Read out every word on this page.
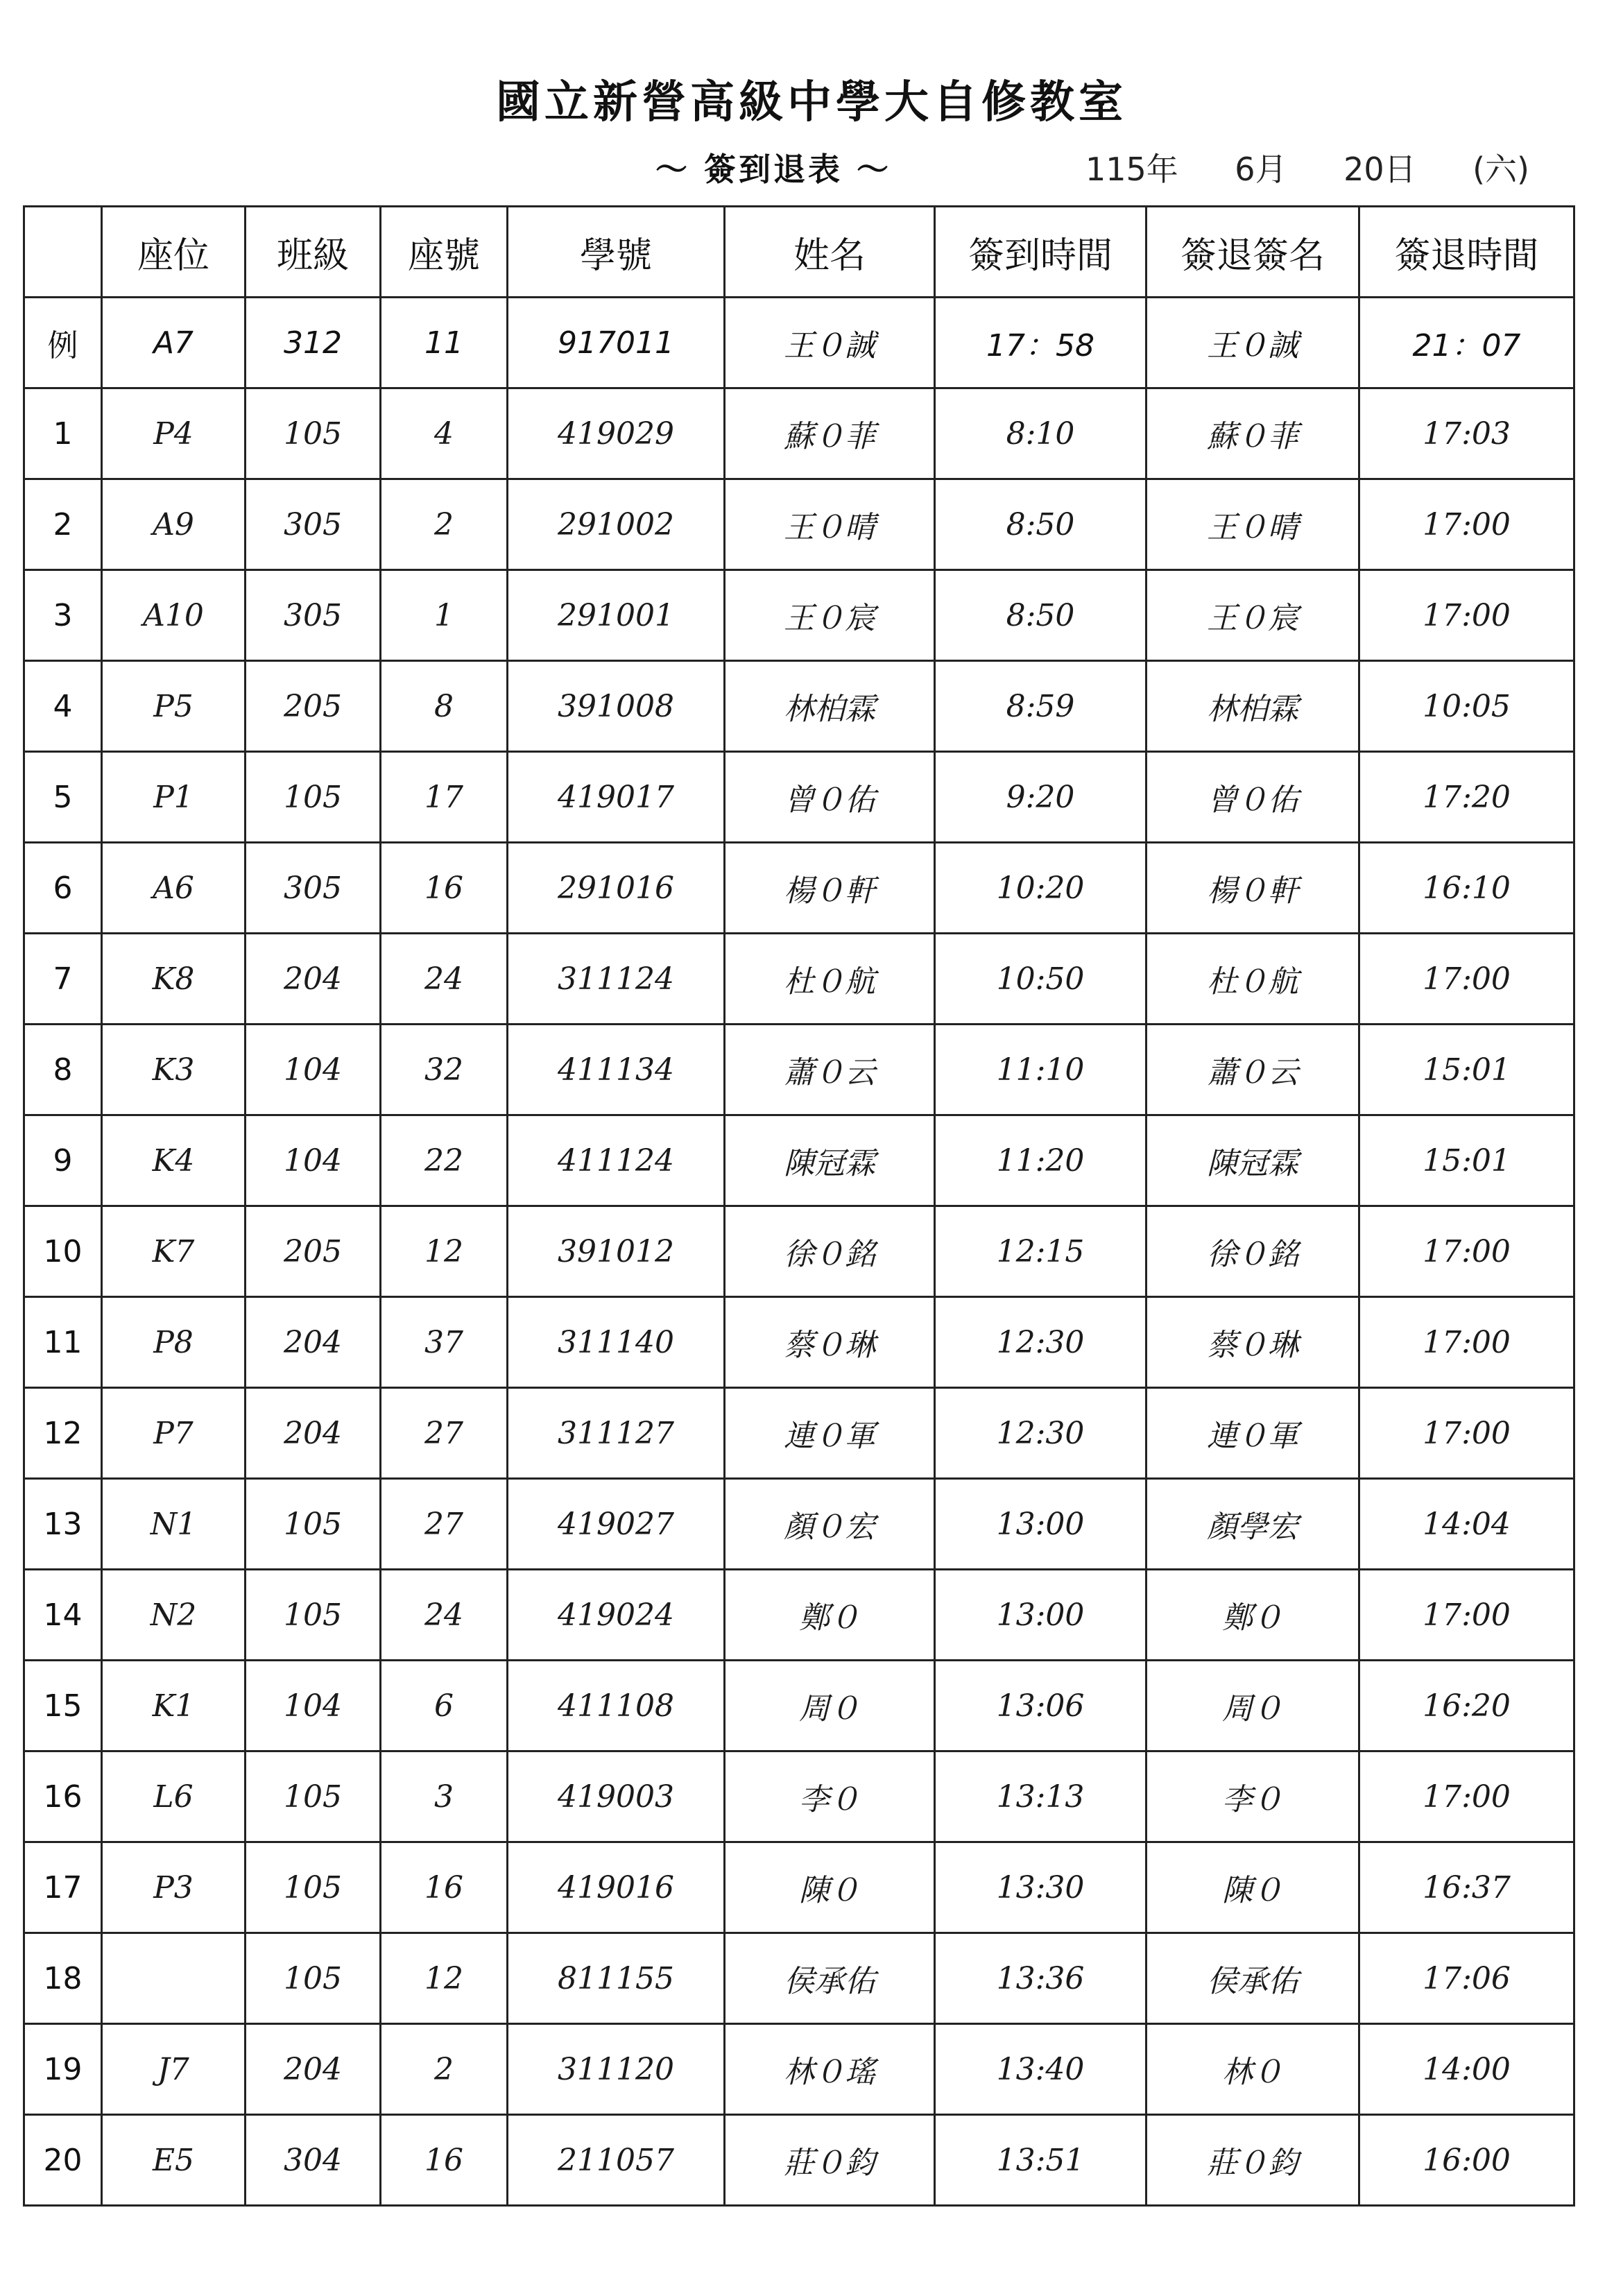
國立新營高級中學大自修教室
～ 簽到退表 ～	115年 6月 20日 (六)
	座位	班級	座號	學號	姓名	簽到時間	簽退簽名	簽退時間
例	A7	312	11	917011	王０誠	17：58	王０誠	21：07
1	P4	105	4	419029	蘇０菲	8:10	蘇０菲	17:03
2	A9	305	2	291002	王０晴	8:50	王０晴	17:00
3	A10	305	1	291001	王０宸	8:50	王０宸	17:00
4	P5	205	8	391008	林柏霖	8:59	林柏霖	10:05
5	P1	105	17	419017	曾０佑	9:20	曾０佑	17:20
6	A6	305	16	291016	楊０軒	10:20	楊０軒	16:10
7	K8	204	24	311124	杜０航	10:50	杜０航	17:00
8	K3	104	32	411134	蕭０云	11:10	蕭０云	15:01
9	K4	104	22	411124	陳冠霖	11:20	陳冠霖	15:01
10	K7	205	12	391012	徐０銘	12:15	徐０銘	17:00
11	P8	204	37	311140	蔡０琳	12:30	蔡０琳	17:00
12	P7	204	27	311127	連０軍	12:30	連０軍	17:00
13	N1	105	27	419027	顏０宏	13:00	顏學宏	14:04
14	N2	105	24	419024	鄭０	13:00	鄭０	17:00
15	K1	104	6	411108	周０	13:06	周０	16:20
16	L6	105	3	419003	李０	13:13	李０	17:00
17	P3	105	16	419016	陳０	13:30	陳０	16:37
18		105	12	811155	侯承佑	13:36	侯承佑	17:06
19	J7	204	2	311120	林０瑤	13:40	林０	14:00
20	E5	304	16	211057	莊０鈞	13:51	莊０鈞	16:00
